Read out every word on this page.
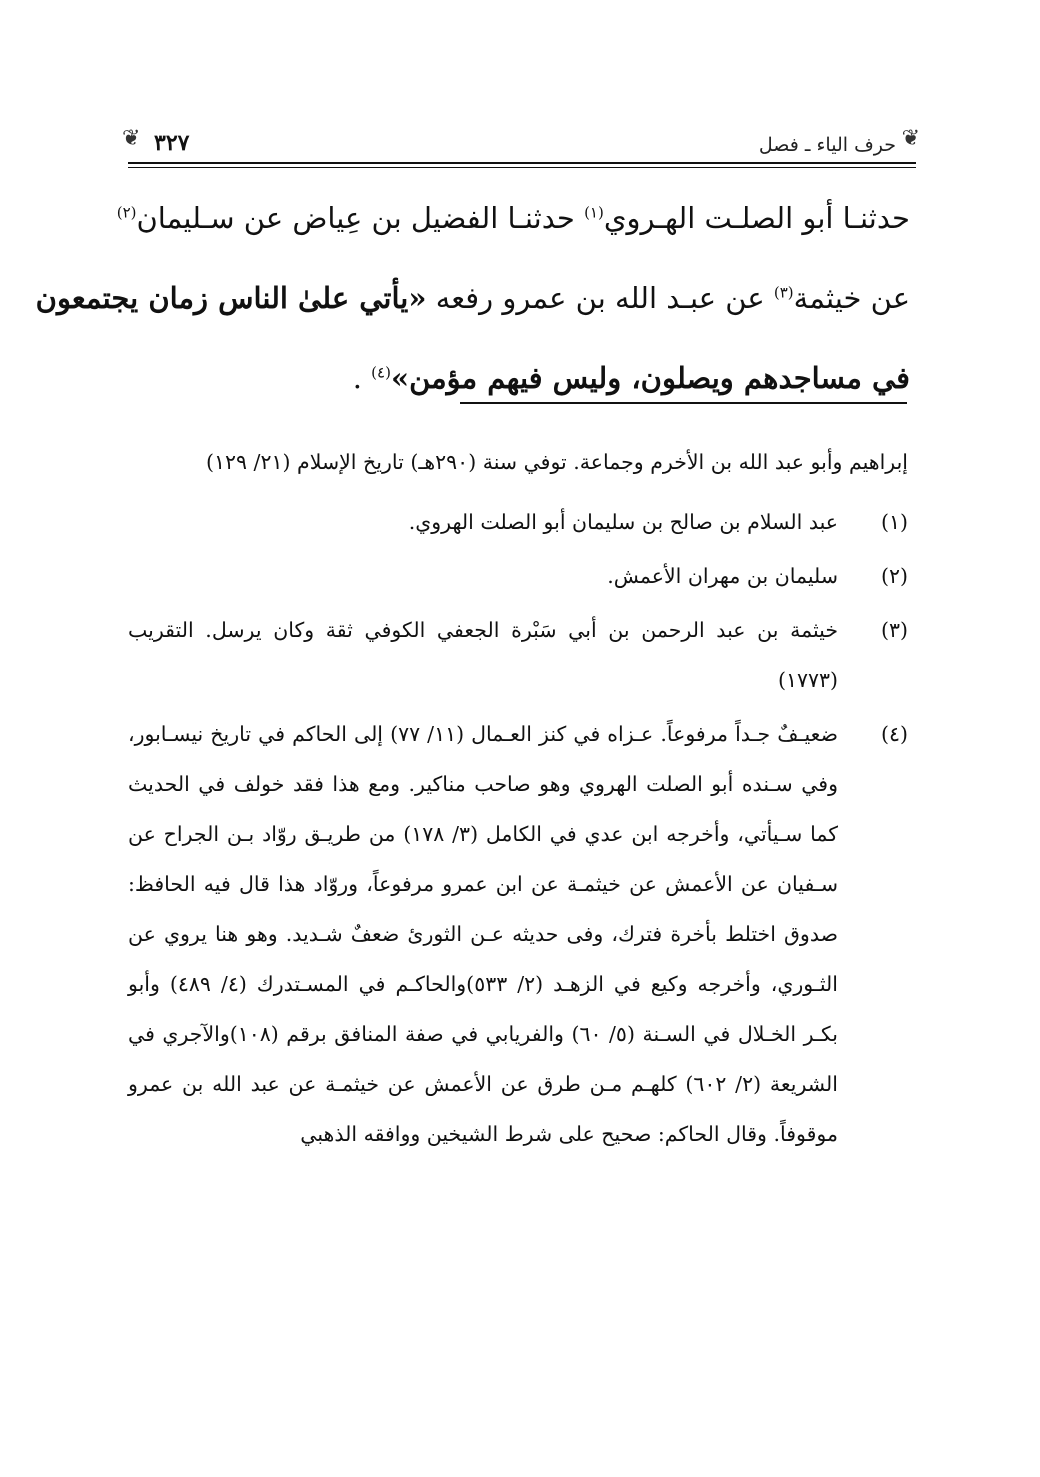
❦
حرف الياء ـ فصل
٣٢٧
❦
حدثنـا أبو الصلـت الهـروي$^{(١)}$ حدثنـا الفضيل بن عِياض عن سـليمان$^{(٢)}$
عن خيثمة$^{(٣)}$ عن عبـد الله بن عمرو رفعه «يأتي علىٰ الناس زمان يجتمعون
في مساجدهم ويصلون، وليس فيهم مؤمن»$^{(٤)}$ .
إبراهيم وأبو عبد الله بن الأخرم وجماعة. توفي سنة (٢٩٠هـ) تاريخ الإسلام (٢١/ ١٢٩)
(١)
عبد السلام بن صالح بن سليمان أبو الصلت الهروي.
(٢)
سليمان بن مهران الأعمش.
(٣)
خيثمة بن عبد الرحمن بن أبي سَبْرة الجعفي الكوفي ثقة وكان يرسل. التقريب (١٧٧٣)
(٤)
ضعيـفٌ جـداً مرفوعاً. عـزاه في كنز العـمال (١١/ ٧٧) إلى الحاكم في تاريخ نيسـابور، وفي سـنده أبو الصلت الهروي وهو صاحب مناكير. ومع هذا فقد خولف في الحديث كما سـيأتي، وأخرجه ابن عدي في الكامل (٣/ ١٧٨) من طريـق روّاد بـن الجراح عن سـفيان عن الأعمش عن خيثمـة عن ابن عمرو مرفوعاً، وروّاد هذا قال فيه الحافظ: صدوق اختلط بأخرة فترك، وفى حديثه عـن الثورئ ضعفٌ شـديد. وهو هنا يروي عن الثـوري، وأخرجه وكيع في الزهـد (٢/ ٥٣٣)والحاكـم في المسـتدرك (٤/ ٤٨٩) وأبو بكـر الخـلال في السـنة (٥/ ٦٠) والفريابي في صفة المنافق برقم (١٠٨)والآجري في الشريعة (٢/ ٦٠٢) كلهـم مـن طرق عن الأعمش عن خيثمـة عن عبد الله بن عمرو موقوفاً. وقال الحاكم: صحيح على شرط الشيخين ووافقه الذهبي
